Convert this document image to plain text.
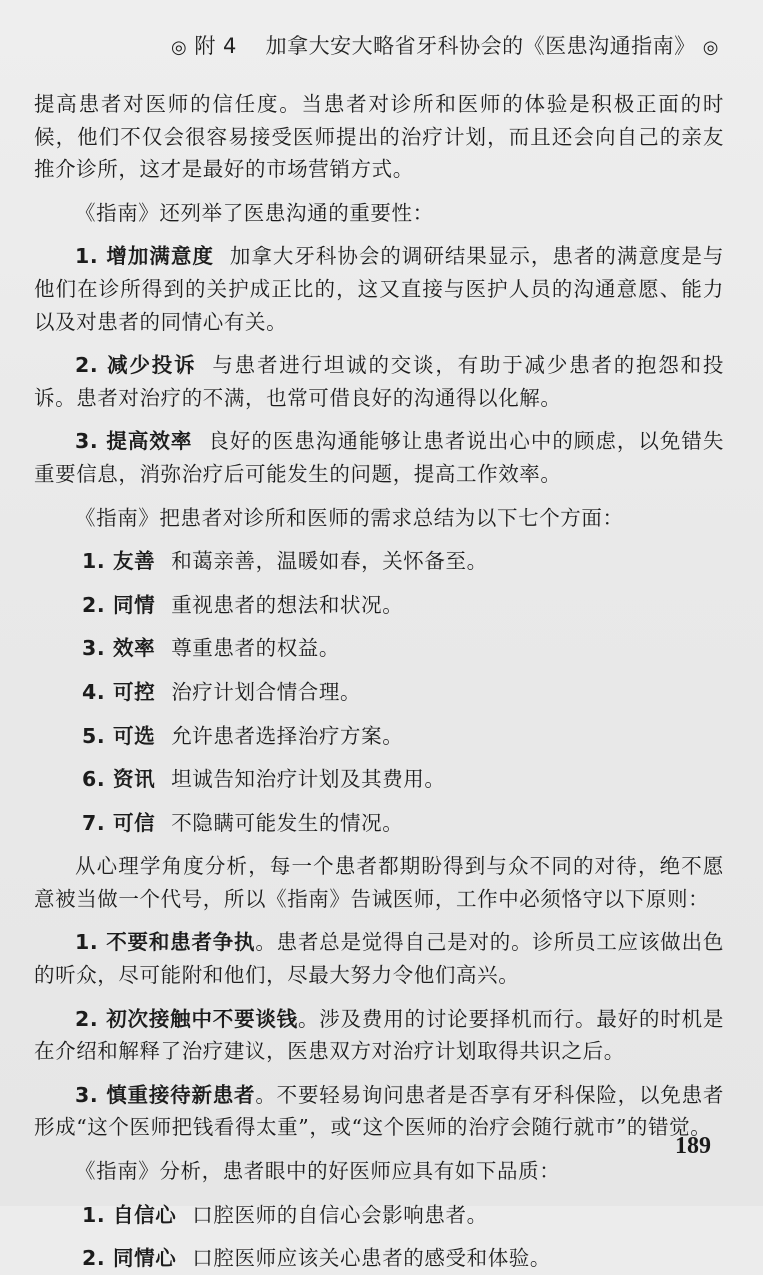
◎ 附 4 加拿大安大略省牙科协会的《医患沟通指南》 ◎

提高患者对医师的信任度。当患者对诊所和医师的体验是积极正面的时候，他们不仅会很容易接受医师提出的治疗计划，而且还会向自己的亲友推介诊所，这才是最好的市场营销方式。

《指南》还列举了医患沟通的重要性：

1. 增加满意度 加拿大牙科协会的调研结果显示，患者的满意度是与他们在诊所得到的关护成正比的，这又直接与医护人员的沟通意愿、能力以及对患者的同情心有关。

2. 减少投诉 与患者进行坦诚的交谈，有助于减少患者的抱怨和投诉。患者对治疗的不满，也常可借良好的沟通得以化解。

3. 提高效率 良好的医患沟通能够让患者说出心中的顾虑，以免错失重要信息，消弥治疗后可能发生的问题，提高工作效率。

《指南》把患者对诊所和医师的需求总结为以下七个方面：

1. 友善 和蔼亲善，温暖如春，关怀备至。
2. 同情 重视患者的想法和状况。
3. 效率 尊重患者的权益。
4. 可控 治疗计划合情合理。
5. 可选 允许患者选择治疗方案。
6. 资讯 坦诚告知治疗计划及其费用。
7. 可信 不隐瞒可能发生的情况。

从心理学角度分析，每一个患者都期盼得到与众不同的对待，绝不愿意被当做一个代号，所以《指南》告诫医师，工作中必须恪守以下原则：

1. 不要和患者争执。患者总是觉得自己是对的。诊所员工应该做出色的听众，尽可能附和他们，尽最大努力令他们高兴。

2. 初次接触中不要谈钱。涉及费用的讨论要择机而行。最好的时机是在介绍和解释了治疗建议，医患双方对治疗计划取得共识之后。

3. 慎重接待新患者。不要轻易询问患者是否享有牙科保险，以免患者形成“这个医师把钱看得太重”，或“这个医师的治疗会随行就市”的错觉。

《指南》分析，患者眼中的好医师应具有如下品质：

1. 自信心 口腔医师的自信心会影响患者。
2. 同情心 口腔医师应该关心患者的感受和体验。
189
